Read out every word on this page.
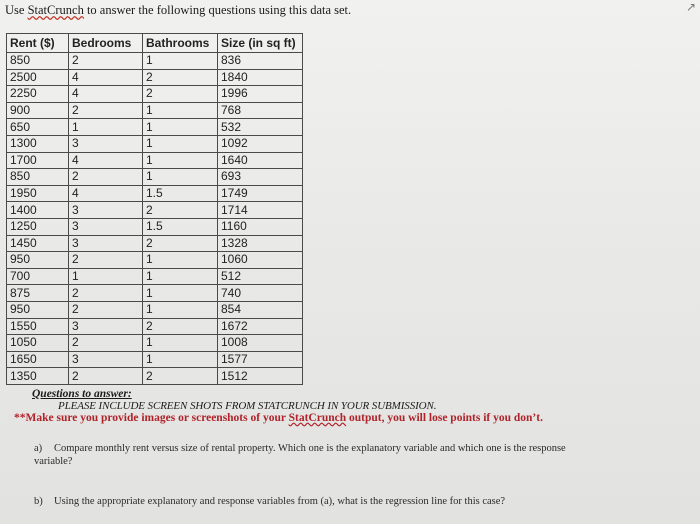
Use StatCrunch to answer the following questions using this data set.	↗
Rent ($)	Bedrooms	Bathrooms	Size (in sq ft)
850	2	1	836
2500	4	2	1840
2250	4	2	1996
900	2	1	768
650	1	1	532
1300	3	1	1092
1700	4	1	1640
850	2	1	693
1950	4	1.5	1749
1400	3	2	1714
1250	3	1.5	1160
1450	3	2	1328
950	2	1	1060
700	1	1	512
875	2	1	740
950	2	1	854
1550	3	2	1672
1050	2	1	1008
1650	3	1	1577
1350	2	2	1512
Questions to answer:
PLEASE INCLUDE SCREEN SHOTS FROM STATCRUNCH IN YOUR SUBMISSION.
**Make sure you provide images or screenshots of your StatCrunch output, you will lose points if you don’t.
a) Compare monthly rent versus size of rental property. Which one is the explanatory variable and which one is the response variable?
b) Using the appropriate explanatory and response variables from (a), what is the regression line for this case?
